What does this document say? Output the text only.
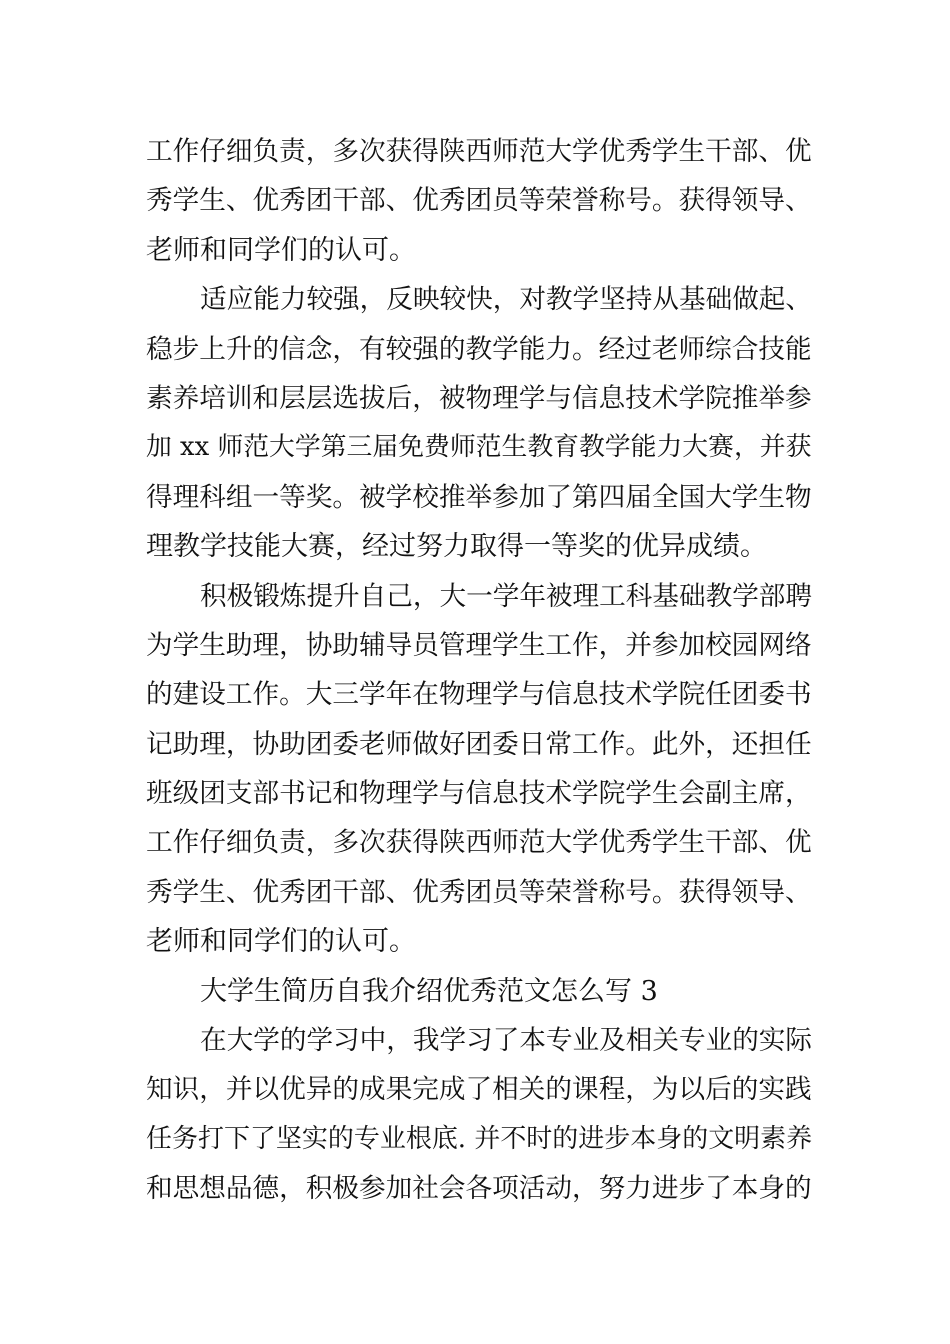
工作仔细负责，多次获得陕西师范大学优秀学生干部、优
秀学生、优秀团干部、优秀团员等荣誉称号。获得领导、
老师和同学们的认可。
适应能力较强，反映较快，对教学坚持从基础做起、
稳步上升的信念，有较强的教学能力。经过老师综合技能
素养培训和层层选拔后，被物理学与信息技术学院推举参
加 xx 师范大学第三届免费师范生教育教学能力大赛，并获
得理科组一等奖。被学校推举参加了第四届全国大学生物
理教学技能大赛，经过努力取得一等奖的优异成绩。
积极锻炼提升自己，大一学年被理工科基础教学部聘
为学生助理，协助辅导员管理学生工作，并参加校园网络
的建设工作。大三学年在物理学与信息技术学院任团委书
记助理，协助团委老师做好团委日常工作。此外，还担任
班级团支部书记和物理学与信息技术学院学生会副主席，
工作仔细负责，多次获得陕西师范大学优秀学生干部、优
秀学生、优秀团干部、优秀团员等荣誉称号。获得领导、
老师和同学们的认可。
大学生简历自我介绍优秀范文怎么写 3
在大学的学习中，我学习了本专业及相关专业的实际
知识，并以优异的成果完成了相关的课程，为以后的实践
任务打下了坚实的专业根底. 并不时的进步本身的文明素养
和思想品德，积极参加社会各项活动，努力进步了本身的
